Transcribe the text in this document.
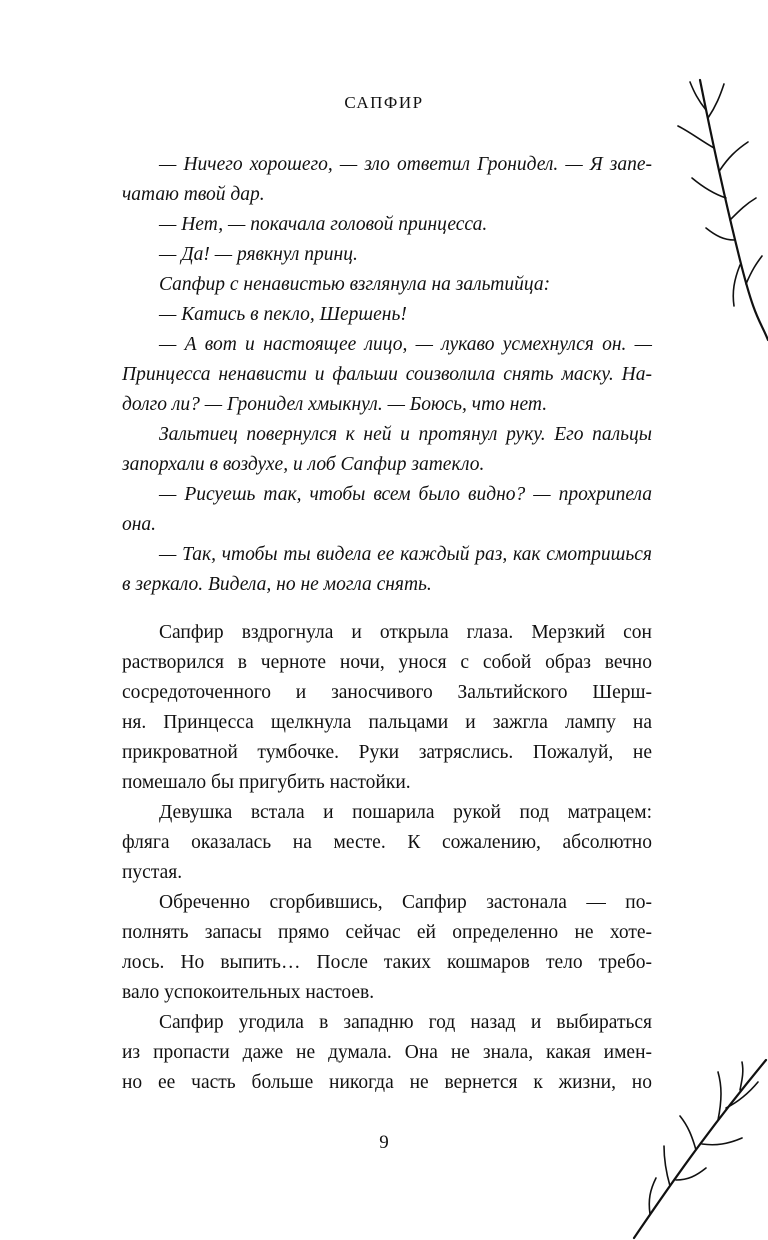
САПФИР
— Ничего хорошего, — зло ответил Гронидел. — Я запе-
чатаю твой дар.
— Нет, — покачала головой принцесса.
— Да! — рявкнул принц.
Сапфир с ненавистью взглянула на зальтийца:
— Катись в пекло, Шершень!
— А вот и настоящее лицо, — лукаво усмехнулся он. —
Принцесса ненависти и фальши соизволила снять маску. На-
долго ли? — Гронидел хмыкнул. — Боюсь, что нет.
Зальтиец повернулся к ней и протянул руку. Его пальцы
запорхали в воздухе, и лоб Сапфир затекло.
— Рисуешь так, чтобы всем было видно? — прохрипела
она.
— Так, чтобы ты видела ее каждый раз, как смотришься
в зеркало. Видела, но не могла снять.
Сапфир вздрогнула и открыла глаза. Мерзкий сон
растворился в черноте ночи, унося с собой образ вечно
сосредоточенного и заносчивого Зальтийского Шерш-
ня. Принцесса щелкнула пальцами и зажгла лампу на
прикроватной тумбочке. Руки затряслись. Пожалуй, не
помешало бы пригубить настойки.
Девушка встала и пошарила рукой под матрацем:
фляга оказалась на месте. К сожалению, абсолютно
пустая.
Обреченно сгорбившись, Сапфир застонала — по-
полнять запасы прямо сейчас ей определенно не хоте-
лось. Но выпить… После таких кошмаров тело требо-
вало успокоительных настоев.
Сапфир угодила в западню год назад и выбираться
из пропасти даже не думала. Она не знала, какая имен-
но ее часть больше никогда не вернется к жизни, но
9
